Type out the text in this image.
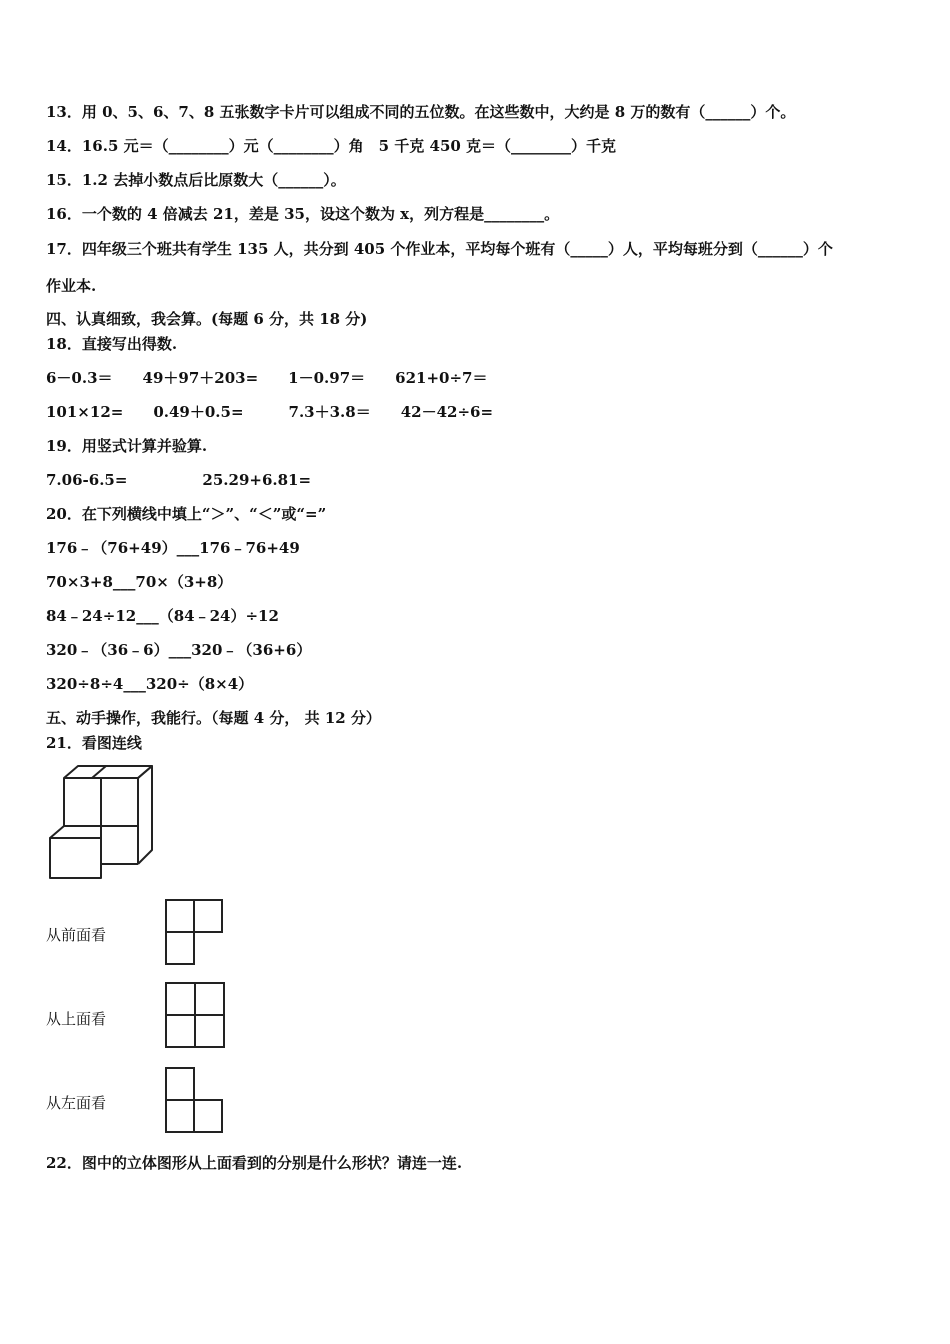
13．用 0、5、6、7、8 五张数字卡片可以组成不同的五位数。在这些数中，大约是 8 万的数有（______）个。
14．16.5 元＝（________）元（________）角　5 千克 450 克＝（________）千克
15．1.2 去掉小数点后比原数大（______）。
16．一个数的 4 倍减去 21，差是 35，设这个数为 x，列方程是________。
17．四年级三个班共有学生 135 人，共分到 405 个作业本，平均每个班有（_____）人，平均每班分到（______）个
作业本.
四、认真细致，我会算。(每题 6 分，共 18 分)
18．直接写出得数.
6－0.3＝　　49＋97＋203=　　1－0.97＝　　621+0÷7＝
101×12=　　0.49＋0.5=　　　7.3＋3.8＝　　42－42÷6=
19．用竖式计算并验算.
7.06-6.5=　　　　　25.29+6.81=
20．在下列横线中填上“＞”、“＜”或“=”
176﹣（76+49）___176﹣76+49
70×3+8___70×（3+8）
84﹣24÷12___（84﹣24）÷12
320﹣（36﹣6）___320﹣（36+6）
320÷8÷4___320÷（8×4）
五、动手操作，我能行。（每题 4 分， 共 12 分）
21．看图连线
从前面看
从上面看
从左面看
22．图中的立体图形从上面看到的分别是什么形状？请连一连.
